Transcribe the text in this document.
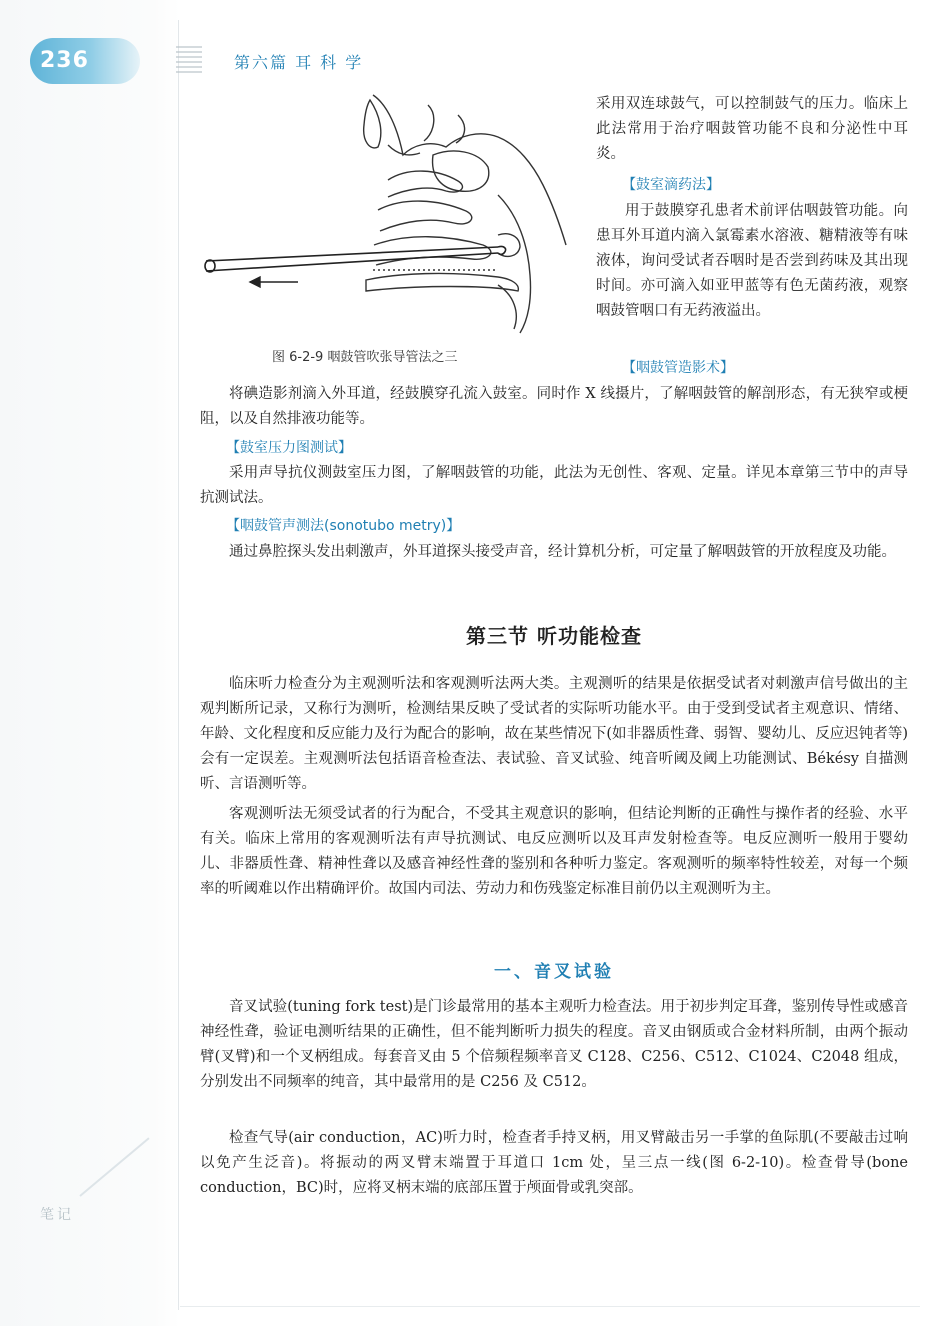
236	第六篇 耳 科 学
图 6-2-9 咽鼓管吹张导管法之三
采用双连球鼓气，可以控制鼓气的压力。临床上此法常用于治疗咽鼓管功能不良和分泌性中耳炎。
【鼓室滴药法】
用于鼓膜穿孔患者术前评估咽鼓管功能。向患耳外耳道内滴入氯霉素水溶液、糖精液等有味液体，询问受试者吞咽时是否尝到药味及其出现时间。亦可滴入如亚甲蓝等有色无菌药液，观察咽鼓管咽口有无药液溢出。
【咽鼓管造影术】
将碘造影剂滴入外耳道，经鼓膜穿孔流入鼓室。同时作 X 线摄片，了解咽鼓管的解剖形态，有无狭窄或梗阻，以及自然排液功能等。
【鼓室压力图测试】
采用声导抗仪测鼓室压力图，了解咽鼓管的功能，此法为无创性、客观、定量。详见本章第三节中的声导抗测试法。
【咽鼓管声测法(sonotubo metry)】
通过鼻腔探头发出刺激声，外耳道探头接受声音，经计算机分析，可定量了解咽鼓管的开放程度及功能。
第三节 听功能检查
临床听力检查分为主观测听法和客观测听法两大类。主观测听的结果是依据受试者对刺激声信号做出的主观判断所记录，又称行为测听，检测结果反映了受试者的实际听功能水平。由于受到受试者主观意识、情绪、年龄、文化程度和反应能力及行为配合的影响，故在某些情况下(如非器质性聋、弱智、婴幼儿、反应迟钝者等)会有一定误差。主观测听法包括语音检查法、表试验、音叉试验、纯音听阈及阈上功能测试、Békésy 自描测听、言语测听等。
客观测听法无须受试者的行为配合，不受其主观意识的影响，但结论判断的正确性与操作者的经验、水平有关。临床上常用的客观测听法有声导抗测试、电反应测听以及耳声发射检查等。电反应测听一般用于婴幼儿、非器质性聋、精神性聋以及感音神经性聋的鉴别和各种听力鉴定。客观测听的频率特性较差，对每一个频率的听阈难以作出精确评价。故国内司法、劳动力和伤残鉴定标准目前仍以主观测听为主。
一、音叉试验
音叉试验(tuning fork test)是门诊最常用的基本主观听力检查法。用于初步判定耳聋，鉴别传导性或感音神经性聋，验证电测听结果的正确性，但不能判断听力损失的程度。音叉由钢质或合金材料所制，由两个振动臂(叉臂)和一个叉柄组成。每套音叉由 5 个倍频程频率音叉 C128、C256、C512、C1024、C2048 组成，分别发出不同频率的纯音，其中最常用的是 C256 及 C512。
检查气导(air conduction，AC)听力时，检查者手持叉柄，用叉臂敲击另一手掌的鱼际肌(不要敲击过响以免产生泛音)。将振动的两叉臂末端置于耳道口 1cm 处，呈三点一线(图 6-2-10)。检查骨导(bone conduction，BC)时，应将叉柄末端的底部压置于颅面骨或乳突部。
笔记
